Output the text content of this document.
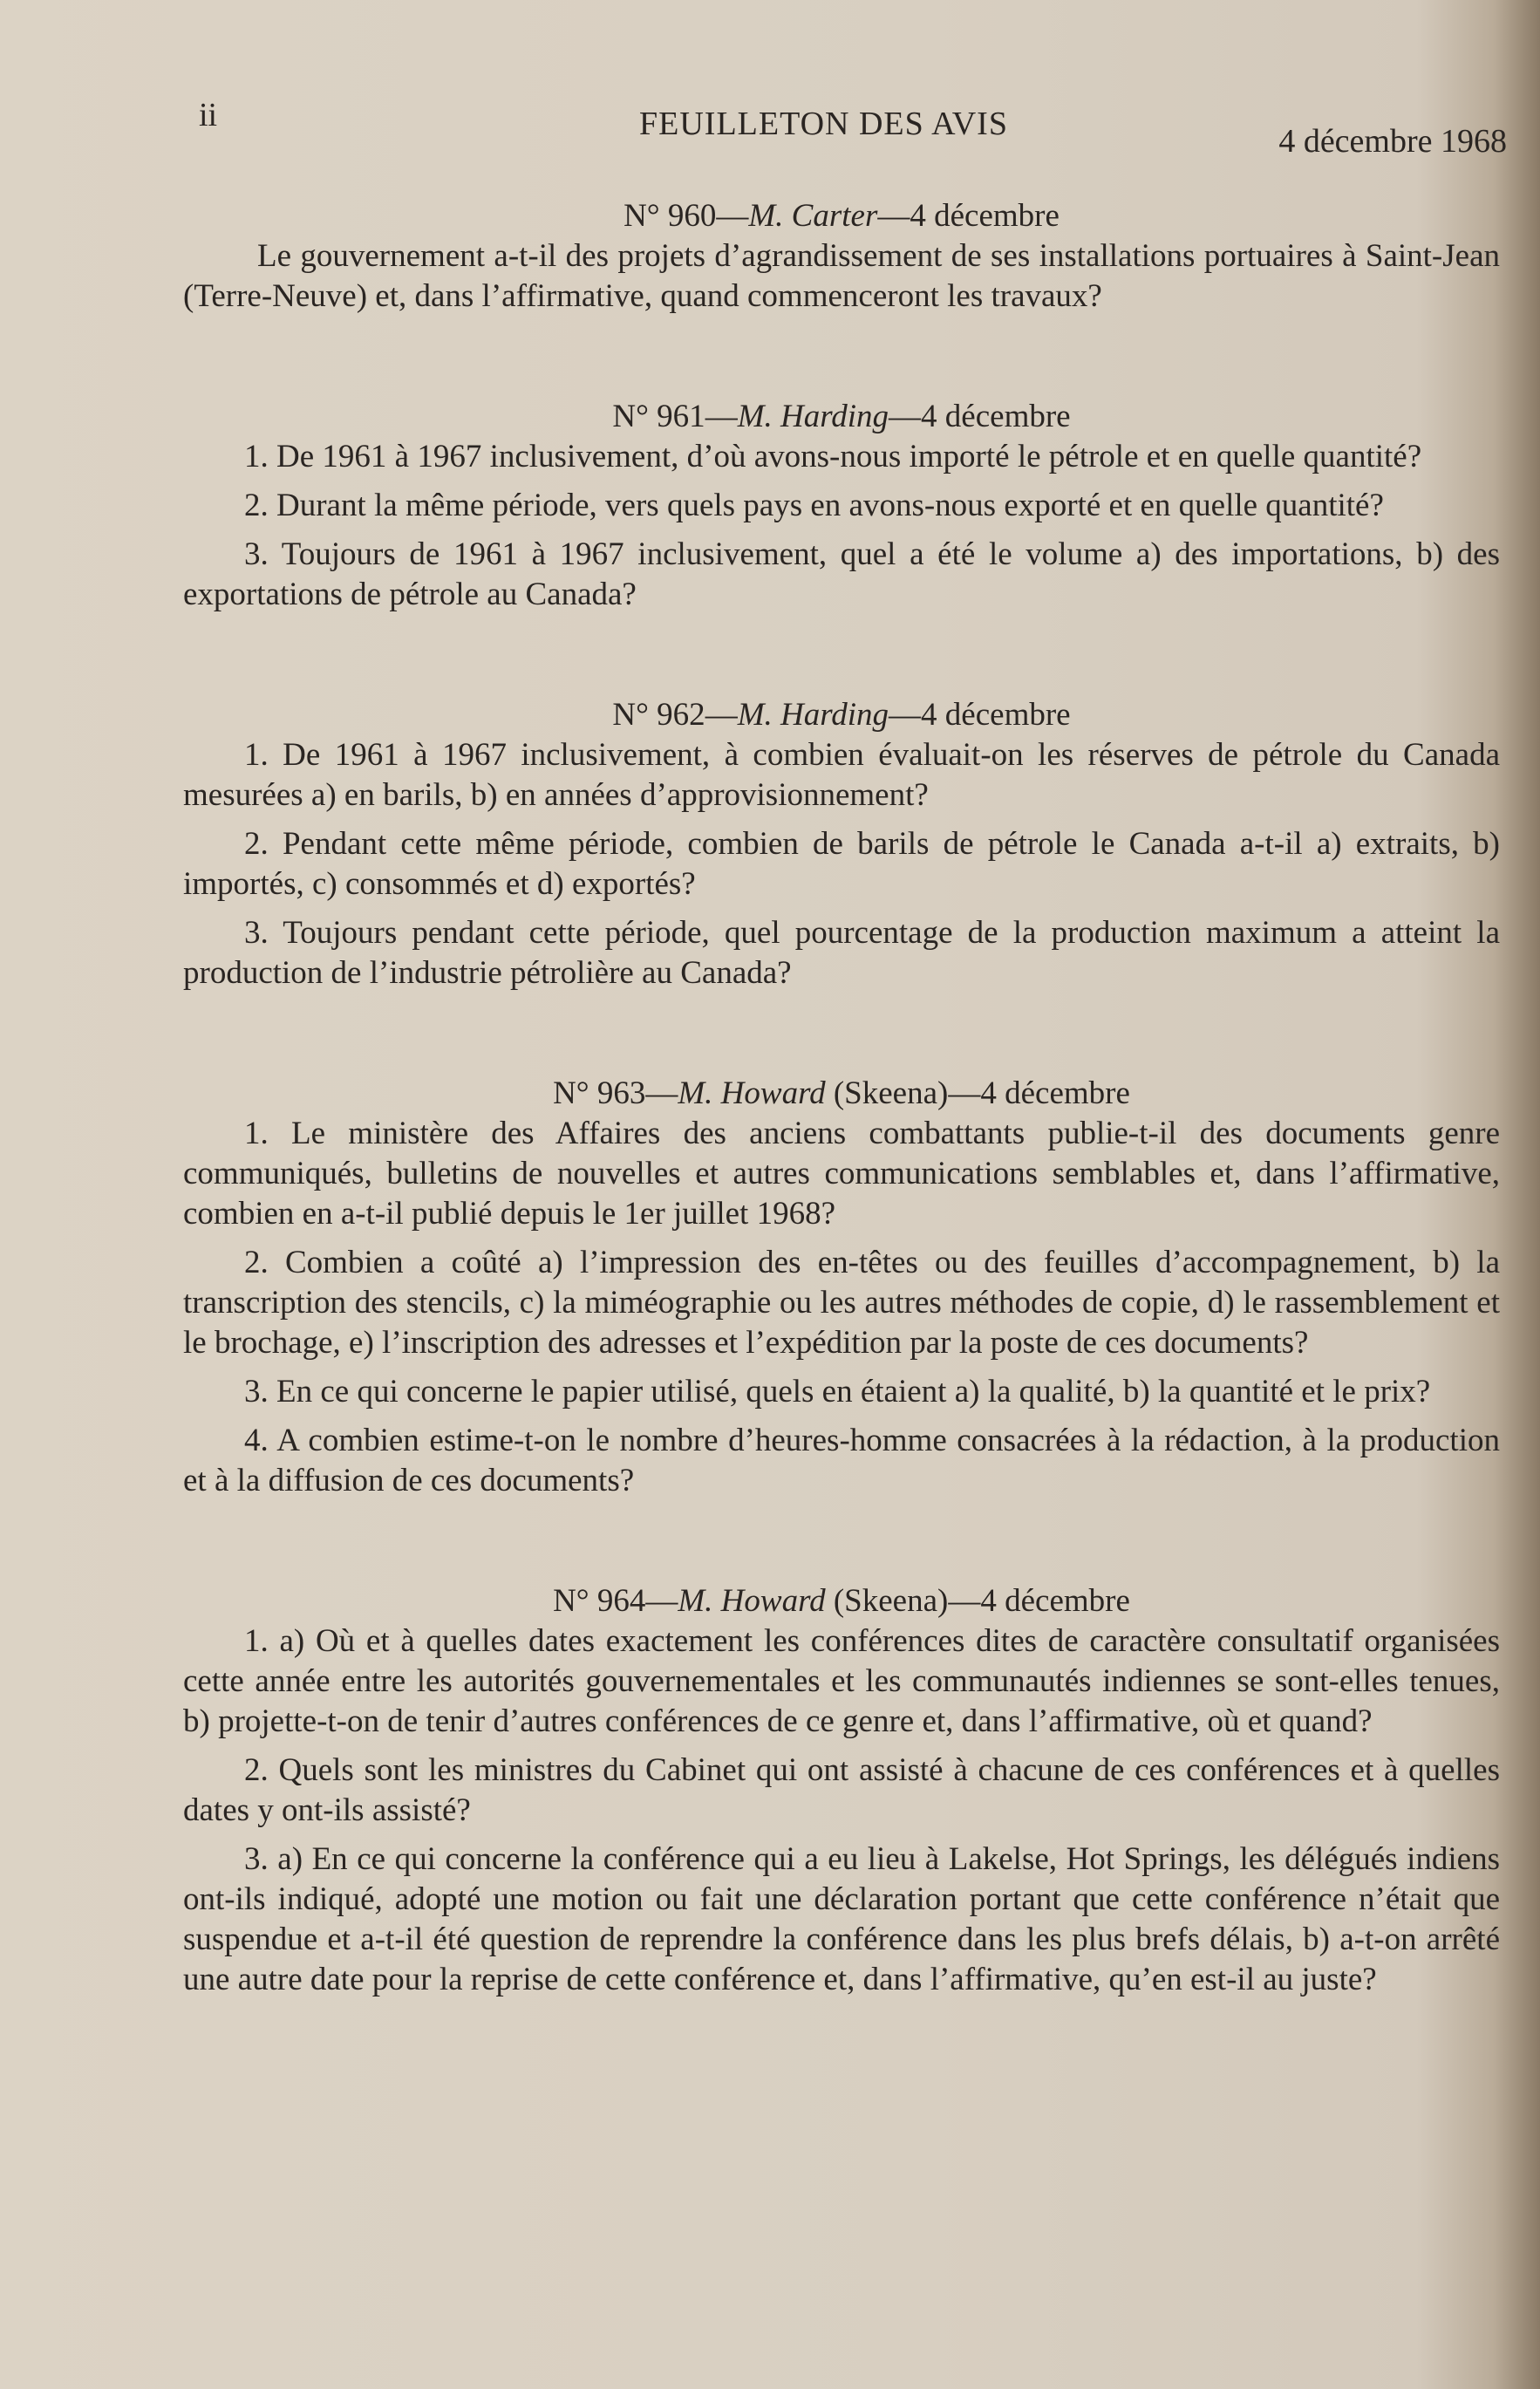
ii	FEUILLETON DES AVIS	4 décembre 1968
N° 960—M. Carter—4 décembre

Le gouvernement a-t-il des projets d’agrandissement de ses installations portuaires à Saint-Jean (Terre-Neuve) et, dans l’affirmative, quand commenceront les travaux?

N° 961—M. Harding—4 décembre

1. De 1961 à 1967 inclusivement, d’où avons-nous importé le pétrole et en quelle quantité?

2. Durant la même période, vers quels pays en avons-nous exporté et en quelle quantité?

3. Toujours de 1961 à 1967 inclusivement, quel a été le volume a) des importations, b) des exportations de pétrole au Canada?

N° 962—M. Harding—4 décembre

1. De 1961 à 1967 inclusivement, à combien évaluait-on les réserves de pétrole du Canada mesurées a) en barils, b) en années d’approvisionnement?

2. Pendant cette même période, combien de barils de pétrole le Canada a-t-il a) extraits, b) importés, c) consommés et d) exportés?

3. Toujours pendant cette période, quel pourcentage de la production maximum a atteint la production de l’industrie pétrolière au Canada?

N° 963—M. Howard (Skeena)—4 décembre

1. Le ministère des Affaires des anciens combattants publie-t-il des documents genre communiqués, bulletins de nouvelles et autres communications semblables et, dans l’affirmative, combien en a-t-il publié depuis le 1er juillet 1968?

2. Combien a coûté a) l’impression des en-têtes ou des feuilles d’accompagnement, b) la transcription des stencils, c) la miméographie ou les autres méthodes de copie, d) le rassemblement et le brochage, e) l’inscription des adresses et l’expédition par la poste de ces documents?

3. En ce qui concerne le papier utilisé, quels en étaient a) la qualité, b) la quantité et le prix?

4. A combien estime-t-on le nombre d’heures-homme consacrées à la rédaction, à la production et à la diffusion de ces documents?

N° 964—M. Howard (Skeena)—4 décembre

1. a) Où et à quelles dates exactement les conférences dites de caractère consultatif organisées cette année entre les autorités gouvernementales et les communautés indiennes se sont-elles tenues, b) projette-t-on de tenir d’autres conférences de ce genre et, dans l’affirmative, où et quand?

2. Quels sont les ministres du Cabinet qui ont assisté à chacune de ces conférences et à quelles dates y ont-ils assisté?

3. a) En ce qui concerne la conférence qui a eu lieu à Lakelse, Hot Springs, les délégués indiens ont-ils indiqué, adopté une motion ou fait une déclaration portant que cette conférence n’était que suspendue et a-t-il été question de reprendre la conférence dans les plus brefs délais, b) a-t-on arrêté une autre date pour la reprise de cette conférence et, dans l’affirmative, qu’en est-il au juste?
